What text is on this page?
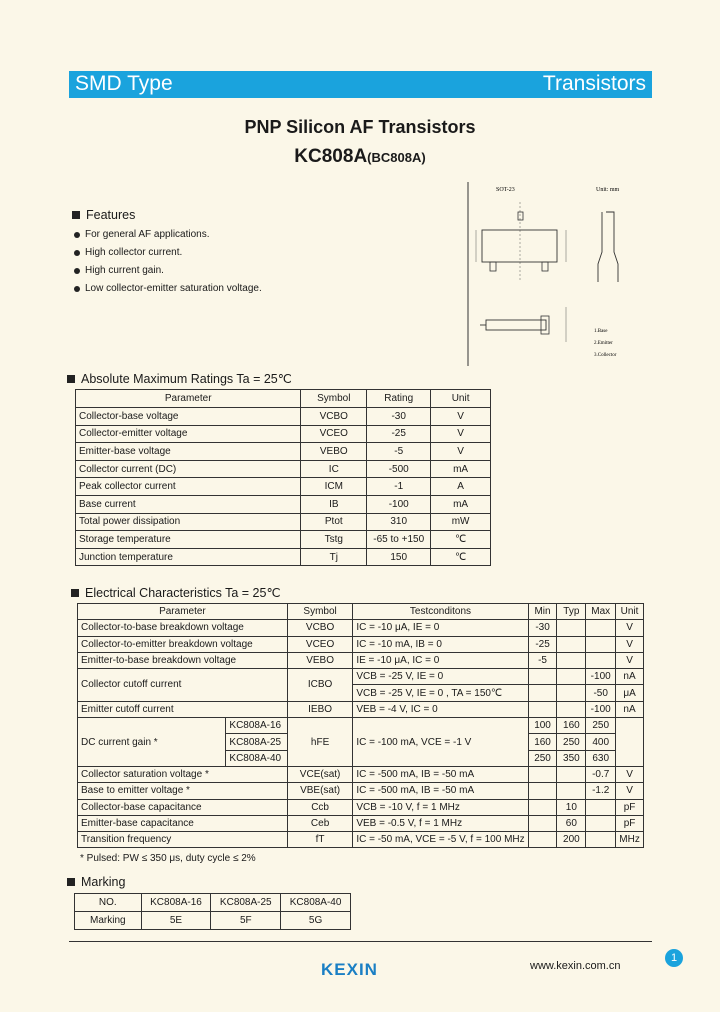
SMD Type	Transistors
PNP Silicon AF Transistors
KC808A(BC808A)
Features
For general AF applications.
High collector current.
High current gain.
Low collector-emitter saturation voltage.
SOT-23	Unit: mm
1.Base
2.Emitter
3.Collector
Absolute Maximum Ratings Ta = 25℃
Parameter	Symbol	Rating	Unit
Collector-base voltage	VCBO	-30	V
Collector-emitter voltage	VCEO	-25	V
Emitter-base voltage	VEBO	-5	V
Collector current (DC)	IC	-500	mA
Peak collector current	ICM	-1	A
Base current	IB	-100	mA
Total power dissipation	Ptot	310	mW
Storage temperature	Tstg	-65 to +150	℃
Junction temperature	Tj	150	℃
Electrical Characteristics Ta = 25℃
Parameter		Symbol	Testconditons	Min	Typ	Max	Unit
Collector-to-base breakdown voltage		VCBO	IC = -10 μA, IE = 0	-30			V
Collector-to-emitter breakdown voltage		VCEO	IC = -10 mA, IB = 0	-25			V
Emitter-to-base breakdown voltage		VEBO	IE = -10 μA, IC = 0	-5			V
Collector cutoff current		ICBO	VCB = -25 V, IE = 0			-100	nA
			VCB = -25 V, IE = 0 , TA = 150℃			-50	μA
Emitter cutoff current		IEBO	VEB = -4 V, IC = 0			-100	nA
DC current gain *	KC808A-16	hFE	IC = -100 mA, VCE = -1 V	100	160	250	
	KC808A-25			160	250	400	
	KC808A-40			250	350	630	
Collector saturation voltage *		VCE(sat)	IC = -500 mA, IB = -50 mA			-0.7	V
Base to emitter voltage *		VBE(sat)	IC = -500 mA, IB = -50 mA			-1.2	V
Collector-base capacitance		Ccb	VCB = -10 V, f = 1 MHz		10		pF
Emitter-base capacitance		Ceb	VEB = -0.5 V, f = 1 MHz		60		pF
Transition frequency		fT	IC = -50 mA, VCE = -5 V, f = 100 MHz		200		MHz
* Pulsed: PW ≤ 350 μs, duty cycle ≤ 2%
Marking
NO.	KC808A-16	KC808A-25	KC808A-40
Marking	5E	5F	5G
1
KEXIN	www.kexin.com.cn
